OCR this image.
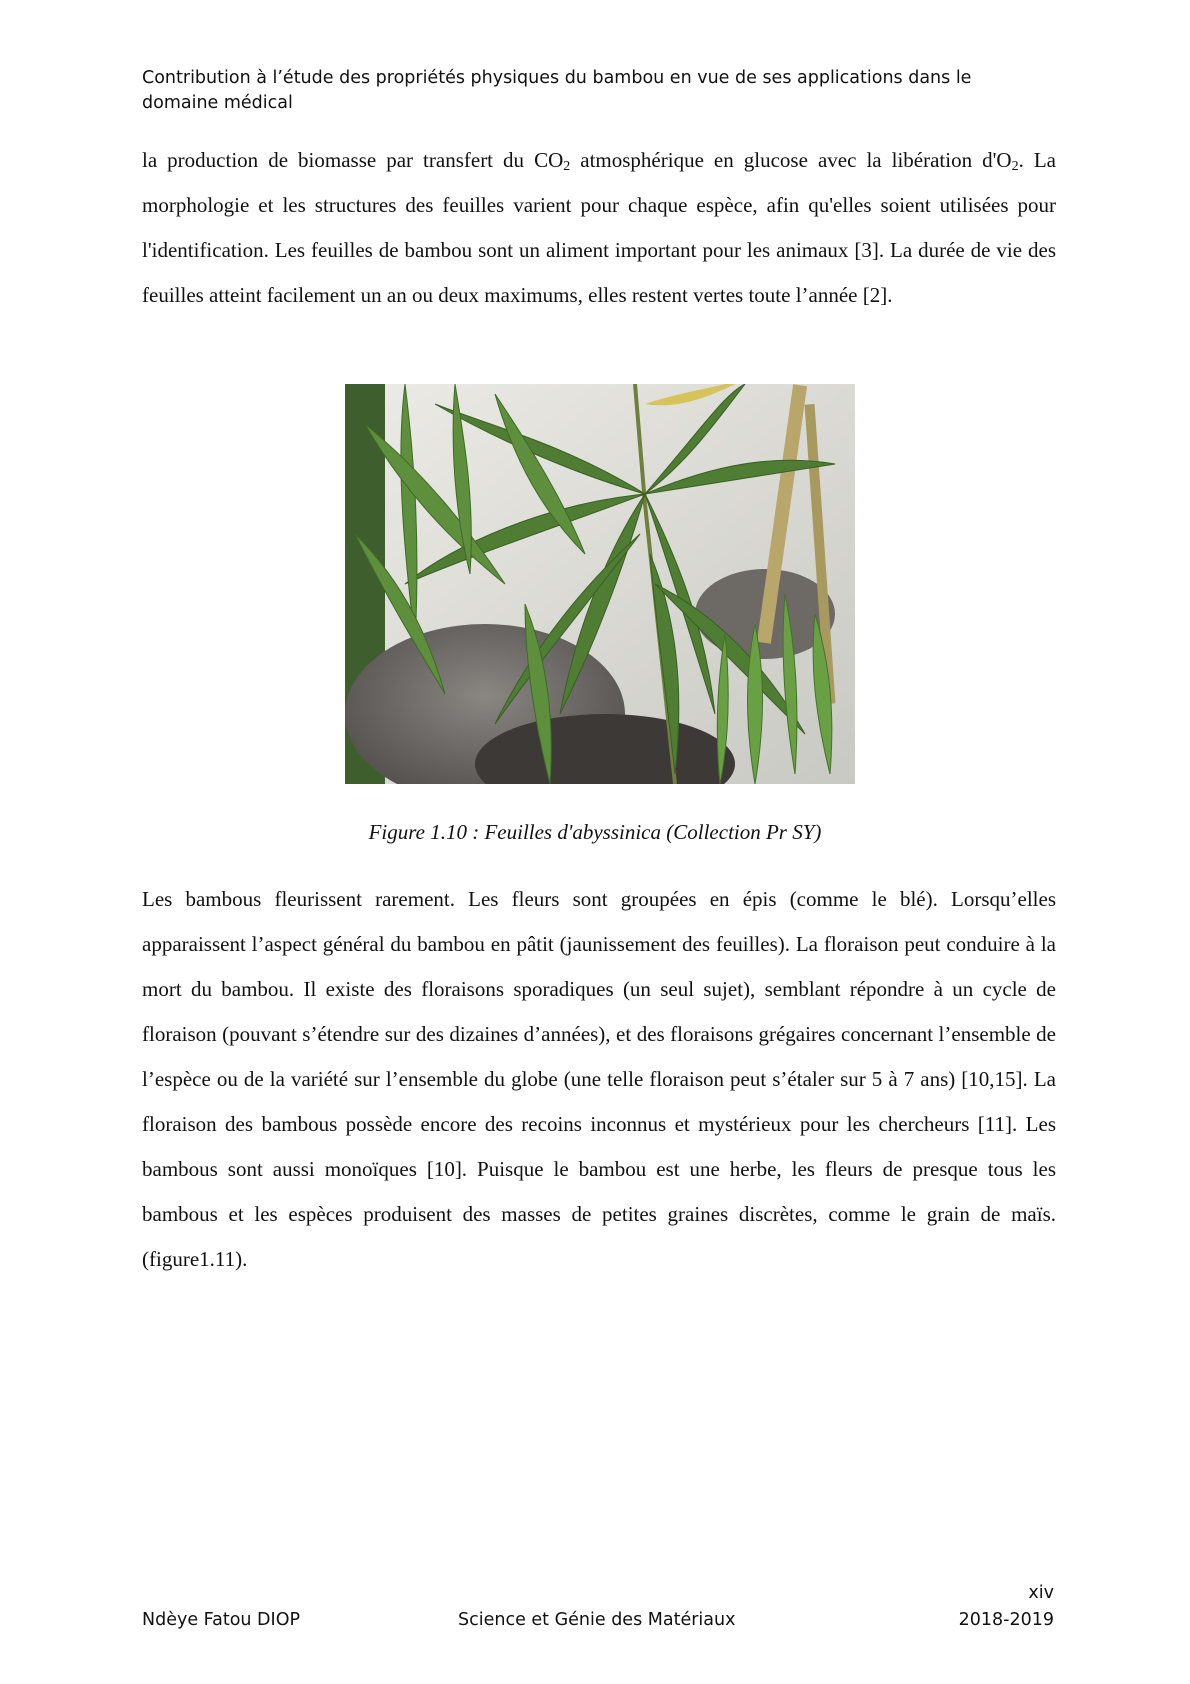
Contribution à l’étude des propriétés physiques du bambou en vue de ses applications dans le
domaine médical
la production de biomasse par transfert du $CO_2$ atmosphérique en glucose avec la libération $d'O_2$. La morphologie et les structures des feuilles varient pour chaque espèce, afin qu'elles soient utilisées pour l'identification. Les feuilles de bambou sont un aliment important pour les animaux [3]. La durée de vie des feuilles atteint facilement un an ou deux maximums, elles restent vertes toute l’année [2].
Figure 1.10 : Feuilles d'abyssinica (Collection Pr SY)
Les bambous fleurissent rarement. Les fleurs sont groupées en épis (comme le blé). Lorsqu’elles apparaissent l’aspect général du bambou en pâtit (jaunissement des feuilles). La floraison peut conduire à la mort du bambou. Il existe des floraisons sporadiques (un seul sujet), semblant répondre à un cycle de floraison (pouvant s’étendre sur des dizaines d’années), et des floraisons grégaires concernant l’ensemble de l’espèce ou de la variété sur l’ensemble du globe (une telle floraison peut s’étaler sur 5 à 7 ans) [10,15]. La floraison des bambous possède encore des recoins inconnus et mystérieux pour les chercheurs [11]. Les bambous sont aussi monoïques [10]. Puisque le bambou est une herbe, les fleurs de presque tous les bambous et les espèces produisent des masses de petites graines discrètes, comme le grain de maïs. (figure1.11).
xiv
Ndèye Fatou DIOP	Science et Génie des Matériaux	2018-2019
